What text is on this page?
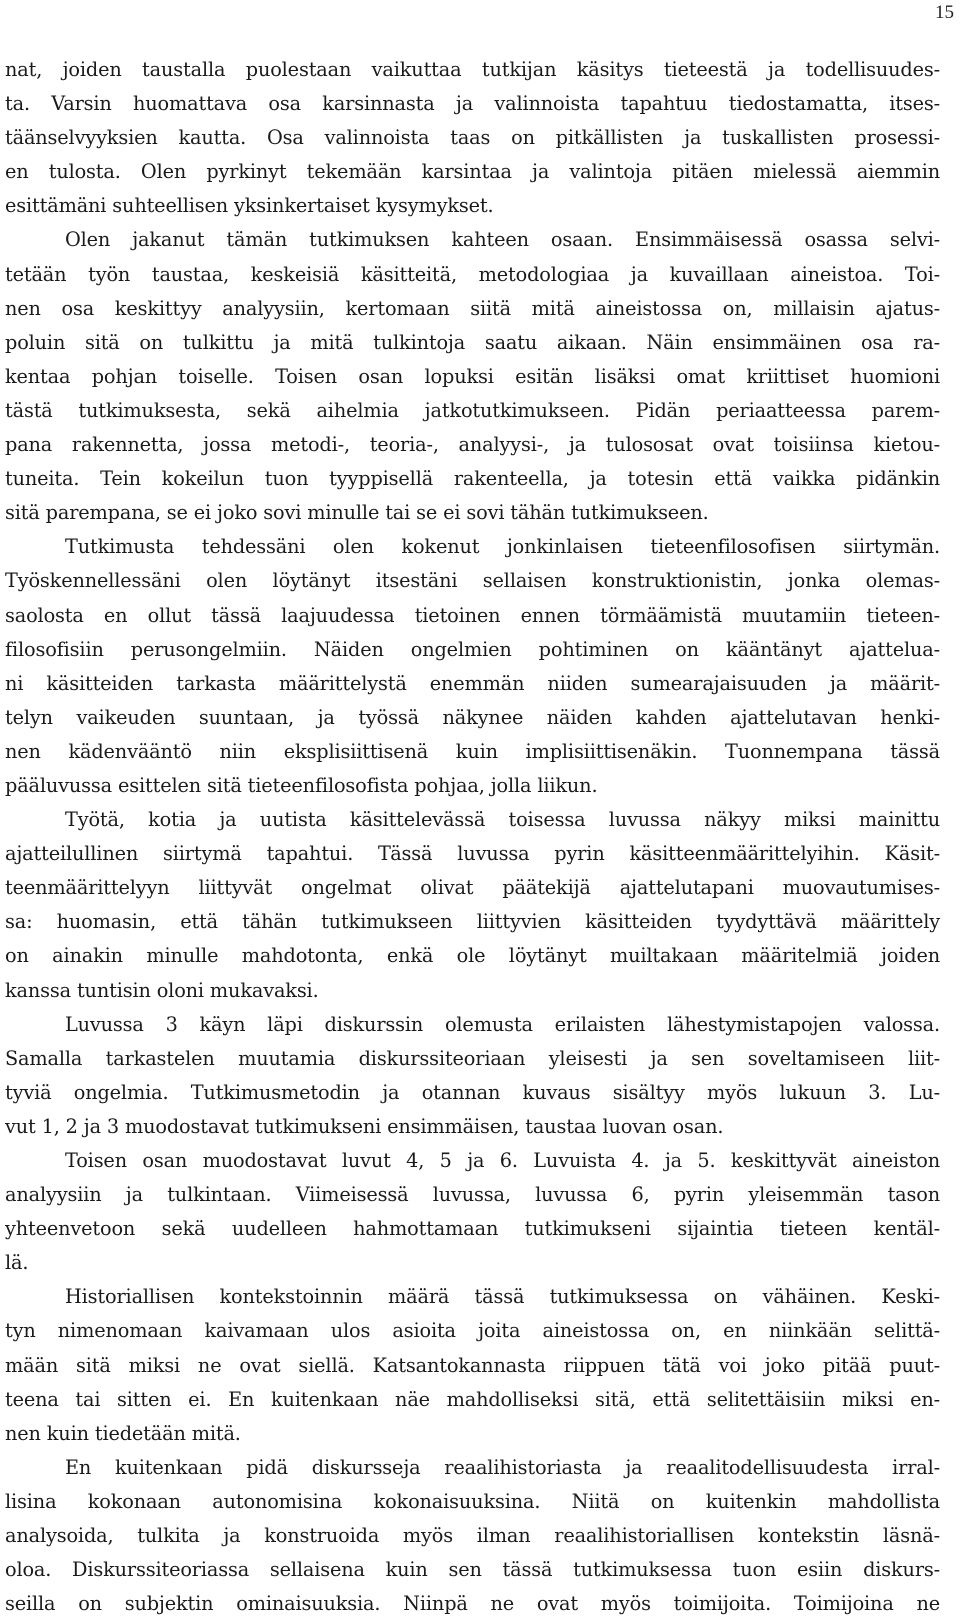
15
nat, joiden taustalla puolestaan vaikuttaa tutkijan käsitys tieteestä ja todellisuudes-
ta. Varsin huomattava osa karsinnasta ja valinnoista tapahtuu tiedostamatta, itses-
täänselvyyksien kautta. Osa valinnoista taas on pitkällisten ja tuskallisten prosessi-
en tulosta. Olen pyrkinyt tekemään karsintaa ja valintoja pitäen mielessä aiemmin
esittämäni suhteellisen yksinkertaiset kysymykset.
Olen jakanut tämän tutkimuksen kahteen osaan. Ensimmäisessä osassa selvi-
tetään työn taustaa, keskeisiä käsitteitä, metodologiaa ja kuvaillaan aineistoa. Toi-
nen osa keskittyy analyysiin, kertomaan siitä mitä aineistossa on, millaisin ajatus-
poluin sitä on tulkittu ja mitä tulkintoja saatu aikaan. Näin ensimmäinen osa ra-
kentaa pohjan toiselle. Toisen osan lopuksi esitän lisäksi omat kriittiset huomioni
tästä tutkimuksesta, sekä aihelmia jatkotutkimukseen. Pidän periaatteessa parem-
pana rakennetta, jossa metodi-, teoria-, analyysi-, ja tulososat ovat toisiinsa kietou-
tuneita. Tein kokeilun tuon tyyppisellä rakenteella, ja totesin että vaikka pidänkin
sitä parempana, se ei joko sovi minulle tai se ei sovi tähän tutkimukseen.
Tutkimusta tehdessäni olen kokenut jonkinlaisen tieteenfilosofisen siirtymän.
Työskennellessäni olen löytänyt itsestäni sellaisen konstruktionistin, jonka olemas-
saolosta en ollut tässä laajuudessa tietoinen ennen törmäämistä muutamiin tieteen-
filosofisiin perusongelmiin. Näiden ongelmien pohtiminen on kääntänyt ajatteluа-
ni käsitteiden tarkasta määrittelystä enemmän niiden sumearajaisuuden ja määrit-
telyn vaikeuden suuntaan, ja työssä näkynee näiden kahden ajattelutavan henki-
nen kädenvääntö niin eksplisiittisenä kuin implisiittisenäkin. Tuonnempana tässä
pääluvussa esittelen sitä tieteenfilosofista pohjaa, jolla liikun.
Työtä, kotia ja uutista käsittelevässä toisessa luvussa näkyy miksi mainittu
ajatteilullinen siirtymä tapahtui. Tässä luvussa pyrin käsitteenmäärittelyihin. Käsit-
teenmäärittelyyn liittyvät ongelmat olivat päätekijä ajattelutapani muovautumises-
sa: huomasin, että tähän tutkimukseen liittyvien käsitteiden tyydyttävä määrittely
on ainakin minulle mahdotonta, enkä ole löytänyt muiltakaan määritelmiä joiden
kanssa tuntisin oloni mukavaksi.
Luvussa 3 käyn läpi diskurssin olemusta erilaisten lähestymistapojen valossa.
Samalla tarkastelen muutamia diskurssiteoriaan yleisesti ja sen soveltamiseen liit-
tyviä ongelmia. Tutkimusmetodin ja otannan kuvaus sisältyy myös lukuun 3. Lu-
vut 1, 2 ja 3 muodostavat tutkimukseni ensimmäisen, taustaa luovan osan.
Toisen osan muodostavat luvut 4, 5 ja 6. Luvuista 4. ja 5. keskittyvät aineiston
analyysiin ja tulkintaan. Viimeisessä luvussa, luvussa 6, pyrin yleisemmän tason
yhteenvetoon sekä uudelleen hahmottamaan tutkimukseni sijaintia tieteen kentäl-
lä.
Historiallisen kontekstoinnin määrä tässä tutkimuksessa on vähäinen. Keski-
tyn nimenomaan kaivamaan ulos asioita joita aineistossa on, en niinkään selittä-
mään sitä miksi ne ovat siellä. Katsantokannasta riippuen tätä voi joko pitää puut-
teena tai sitten ei. En kuitenkaan näe mahdolliseksi sitä, että selitettäisiin miksi en-
nen kuin tiedetään mitä.
En kuitenkaan pidä diskursseja reaalihistoriasta ja reaalitodellisuudesta irral-
lisina kokonaan autonomisina kokonaisuuksina. Niitä on kuitenkin mahdollista
analysoida, tulkita ja konstruoida myös ilman reaalihistoriallisen kontekstin läsnä-
oloa. Diskurssiteoriassa sellaisena kuin sen tässä tutkimuksessa tuon esiin diskurs-
seilla on subjektin ominaisuuksia. Niinpä ne ovat myös toimijoita. Toimijoina ne
